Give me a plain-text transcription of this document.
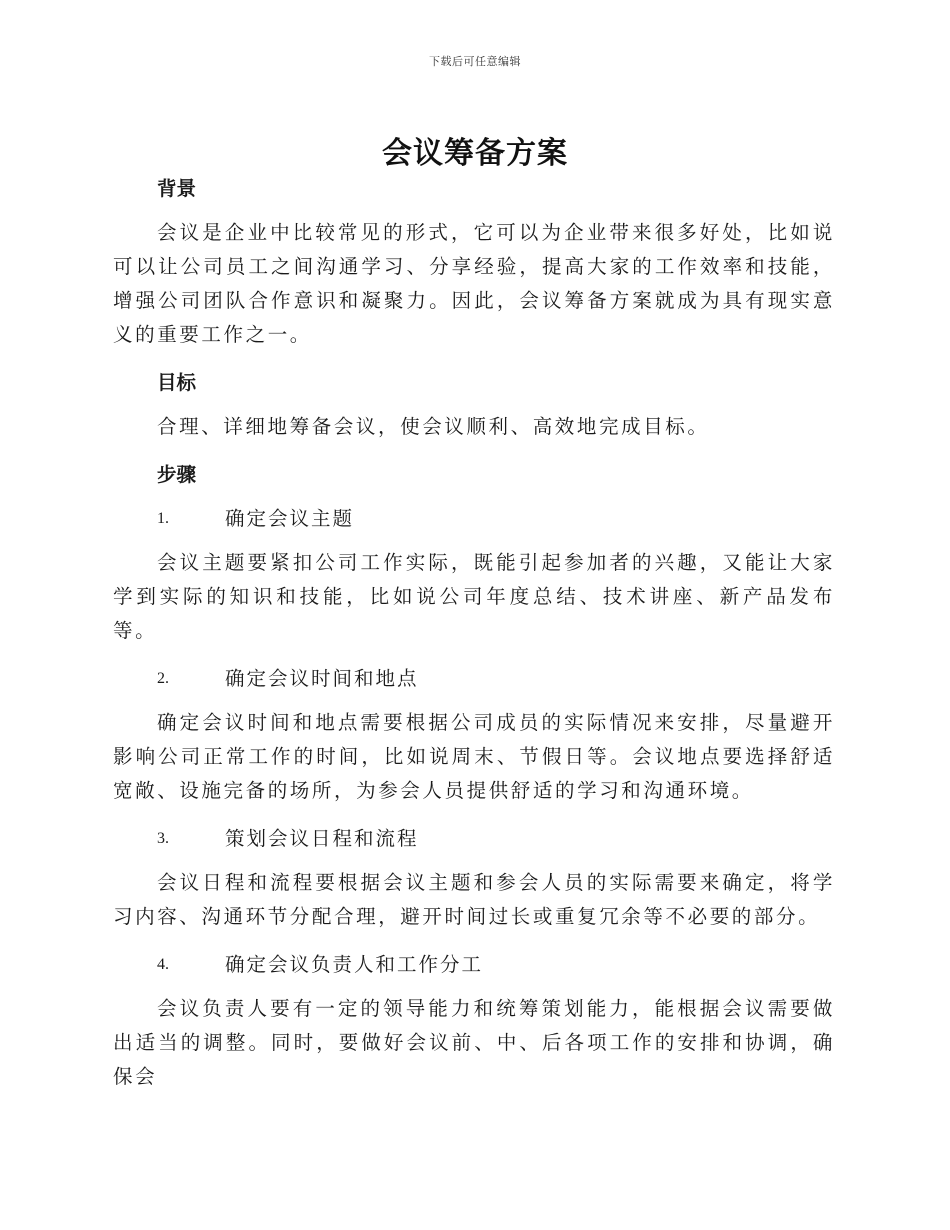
下载后可任意编辑
会议筹备方案
背景

会议是企业中比较常见的形式，它可以为企业带来很多好处，比如说可以让公司员工之间沟通学习、分享经验，提高大家的工作效率和技能，增强公司团队合作意识和凝聚力。因此，会议筹备方案就成为具有现实意义的重要工作之一。

目标

合理、详细地筹备会议，使会议顺利、高效地完成目标。

步骤
1.	确定会议主题

会议主题要紧扣公司工作实际，既能引起参加者的兴趣，又能让大家学到实际的知识和技能，比如说公司年度总结、技术讲座、新产品发布等。

2.	确定会议时间和地点

确定会议时间和地点需要根据公司成员的实际情况来安排，尽量避开影响公司正常工作的时间，比如说周末、节假日等。会议地点要选择舒适宽敞、设施完备的场所，为参会人员提供舒适的学习和沟通环境。

3.	策划会议日程和流程

会议日程和流程要根据会议主题和参会人员的实际需要来确定，将学习内容、沟通环节分配合理，避开时间过长或重复冗余等不必要的部分。

4.	确定会议负责人和工作分工

会议负责人要有一定的领导能力和统筹策划能力，能根据会议需要做出适当的调整。同时，要做好会议前、中、后各项工作的安排和协调，确保会
